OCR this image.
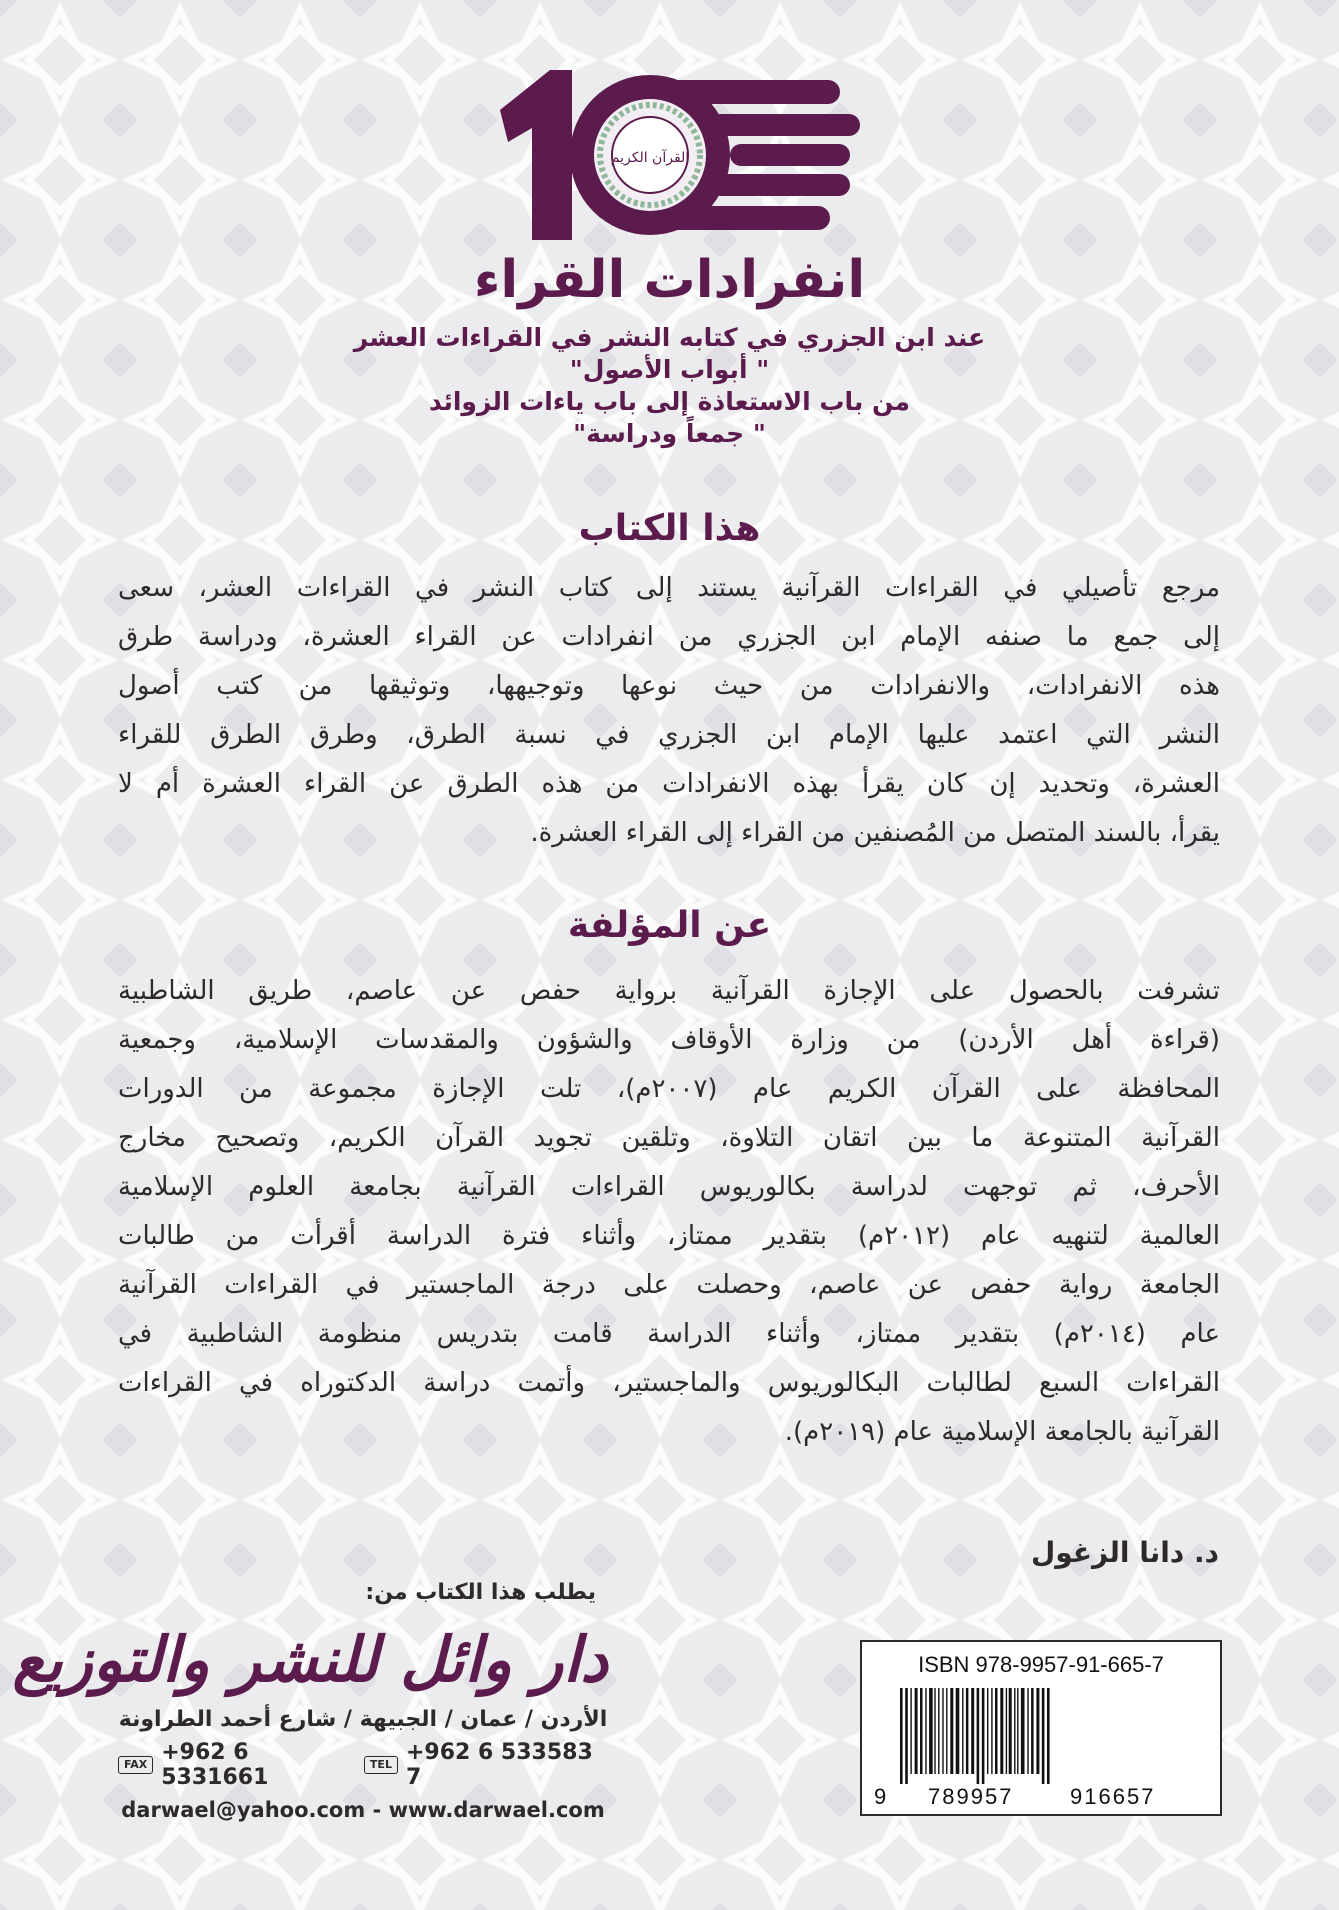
القرآن الكريم
انفرادات القراء
عند ابن الجزري في كتابه النشر في القراءات العشر
" أبواب الأصول"
من باب الاستعاذة إلى باب ياءات الزوائد
" جمعاً ودراسة"
هذا الكتاب
مرجع تأصيلي في القراءات القرآنية يستند إلى كتاب النشر في القراءات العشر، سعى
إلى جمع ما صنفه الإمام ابن الجزري من انفرادات عن القراء العشرة، ودراسة طرق
هذه الانفرادات، والانفرادات من حيث نوعها وتوجيهها، وتوثيقها من كتب أصول
النشر التي اعتمد عليها الإمام ابن الجزري في نسبة الطرق، وطرق الطرق للقراء
العشرة، وتحديد إن كان يقرأ بهذه الانفرادات من هذه الطرق عن القراء العشرة أم لا
يقرأ، بالسند المتصل من المُصنفين من القراء إلى القراء العشرة.
عن المؤلفة
تشرفت بالحصول على الإجازة القرآنية برواية حفص عن عاصم، طريق الشاطبية
(قراءة أهل الأردن) من وزارة الأوقاف والشؤون والمقدسات الإسلامية، وجمعية
المحافظة على القرآن الكريم عام (٢٠٠٧م)، تلت الإجازة مجموعة من الدورات
القرآنية المتنوعة ما بين اتقان التلاوة، وتلقين تجويد القرآن الكريم، وتصحيح مخارج
الأحرف، ثم توجهت لدراسة بكالوريوس القراءات القرآنية بجامعة العلوم الإسلامية
العالمية لتنهيه عام (٢٠١٢م) بتقدير ممتاز، وأثناء فترة الدراسة أقرأت من طالبات
الجامعة رواية حفص عن عاصم، وحصلت على درجة الماجستير في القراءات القرآنية
عام (٢٠١٤م) بتقدير ممتاز، وأثناء الدراسة قامت بتدريس منظومة الشاطبية في
القراءات السبع لطالبات البكالوريوس والماجستير، وأتمت دراسة الدكتوراه في القراءات
القرآنية بالجامعة الإسلامية عام (٢٠١٩م).
د. دانا الزغول
يطلب هذا الكتاب من:
دار وائل للنشر والتوزيع
الأردن / عمان / الجبيهة / شارع أحمد الطراونة
FAX +962 6 5331661
TEL +962 6 533583 7
darwael@yahoo.com - www.darwael.com
ISBN 978-9957-91-665-7
9 789957	916657
